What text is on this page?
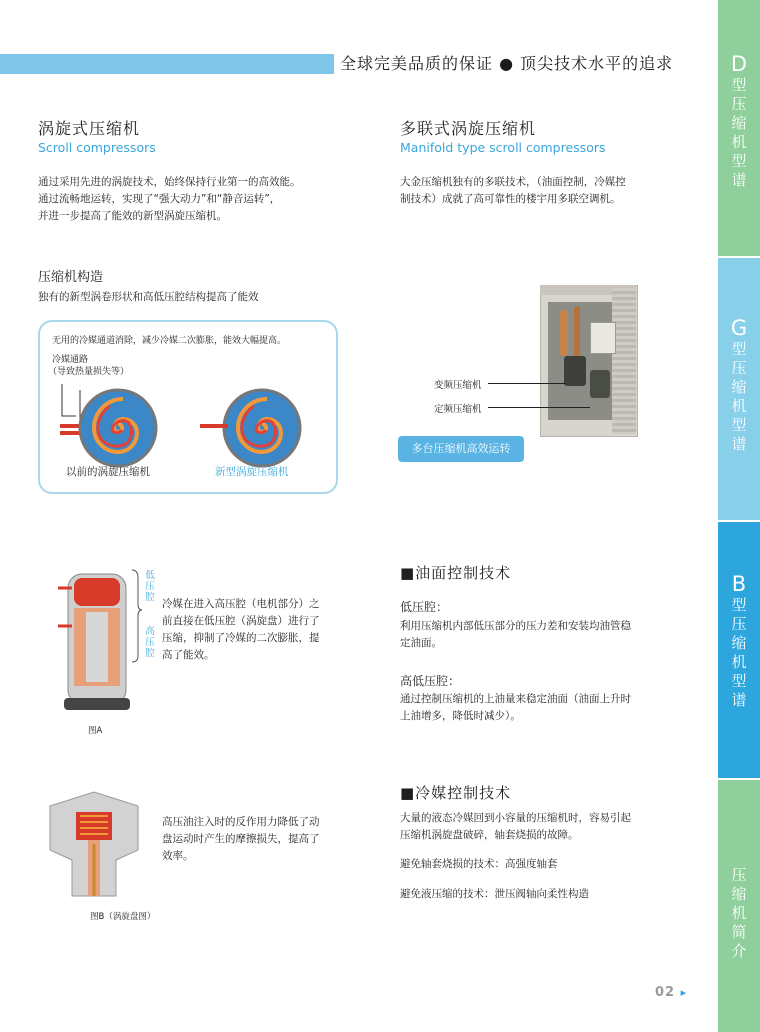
全球完美品质的保证 ● 顶尖技术水平的追求	D
型
压
缩
机
型
谱
G
型
压
缩
机
型
谱
B
型
压
缩
机
型
谱
压
缩
机
简
介
涡旋式压缩机
Scroll compressors
通过采用先进的涡旋技术，始终保持行业第一的高效能。
通过流畅地运转，实现了“强大动力”和“静音运转”，
并进一步提高了能效的新型涡旋压缩机。
多联式涡旋压缩机
Manifold type scroll compressors
大金压缩机独有的多联技术，（油面控制，冷媒控
制技术）成就了高可靠性的楼宇用多联空调机。
变频压缩机
定频压缩机
多台压缩机高效运转
压缩机构造
独有的新型涡卷形状和高低压腔结构提高了能效
无用的冷媒通道消除，减少冷媒二次膨胀，能效大幅提高。
冷媒通路
（导致热量损失等）
以前的涡旋压缩机	新型涡旋压缩机
低
压
腔
高
压
腔
冷媒在进入高压腔（电机部分）之
前直接在低压腔（涡旋盘）进行了
压缩，抑制了冷媒的二次膨胀，提
高了能效。
图A
高压油注入时的反作用力降低了动
盘运动时产生的摩擦损失，提高了
效率。
图B（涡旋盘图）
■油面控制技术
低压腔：
利用压缩机内部低压部分的压力差和安装均油管稳
定油面。
高低压腔：
通过控制压缩机的上油量来稳定油面（油面上升时
上油增多，降低时减少）。
■冷媒控制技术
大量的液态冷媒回到小容量的压缩机时，容易引起
压缩机涡旋盘破碎，轴套烧损的故障。
避免轴套烧损的技术：高强度轴套
避免液压缩的技术：泄压阀轴向柔性构造
02 ▸
